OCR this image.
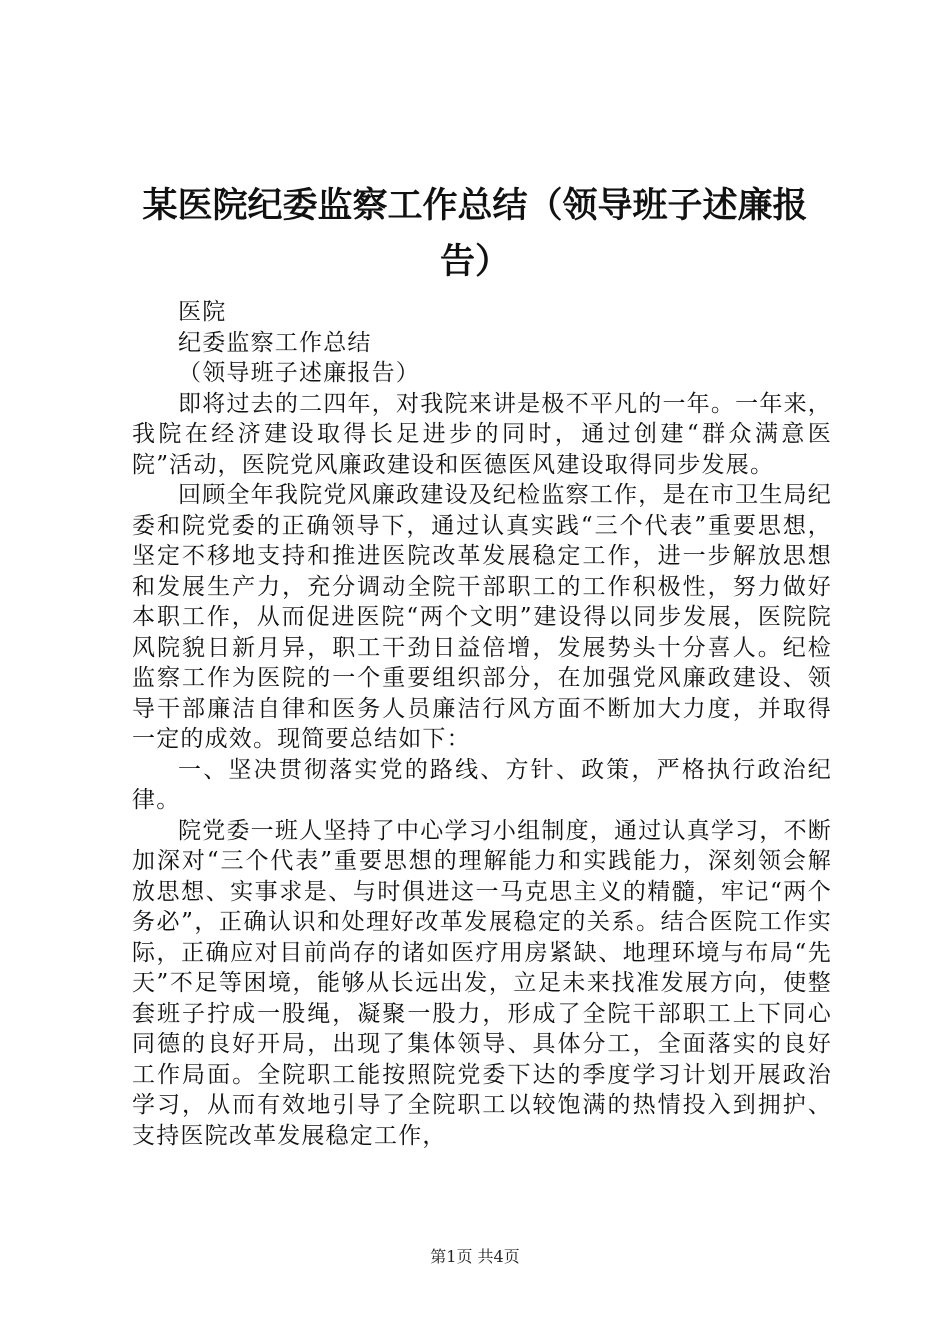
某医院纪委监察工作总结（领导班子述廉报
告）

医院

纪委监察工作总结

（领导班子述廉报告）

即将过去的二四年，对我院来讲是极不平凡的一年。一年来，我院在经济建设取得长足进步的同时，通过创建“群众满意医院”活动，医院党风廉政建设和医德医风建设取得同步发展。

回顾全年我院党风廉政建设及纪检监察工作，是在市卫生局纪委和院党委的正确领导下，通过认真实践“三个代表”重要思想，坚定不移地支持和推进医院改革发展稳定工作，进一步解放思想和发展生产力，充分调动全院干部职工的工作积极性，努力做好本职工作，从而促进医院“两个文明”建设得以同步发展，医院院风院貌日新月异，职工干劲日益倍增，发展势头十分喜人。纪检监察工作为医院的一个重要组织部分，在加强党风廉政建设、领导干部廉洁自律和医务人员廉洁行风方面不断加大力度，并取得一定的成效。现简要总结如下：

一、坚决贯彻落实党的路线、方针、政策，严格执行政治纪律。

院党委一班人坚持了中心学习小组制度，通过认真学习，不断加深对“三个代表”重要思想的理解能力和实践能力，深刻领会解放思想、实事求是、与时俱进这一马克思主义的精髓，牢记“两个务必”，正确认识和处理好改革发展稳定的关系。结合医院工作实际，正确应对目前尚存的诸如医疗用房紧缺、地理环境与布局“先天”不足等困境，能够从长远出发，立足未来找准发展方向，使整套班子拧成一股绳，凝聚一股力，形成了全院干部职工上下同心同德的良好开局，出现了集体领导、具体分工，全面落实的良好工作局面。全院职工能按照院党委下达的季度学习计划开展政治学习，从而有效地引导了全院职工以较饱满的热情投入到拥护、支持医院改革发展稳定工作，

第1页 共4页
